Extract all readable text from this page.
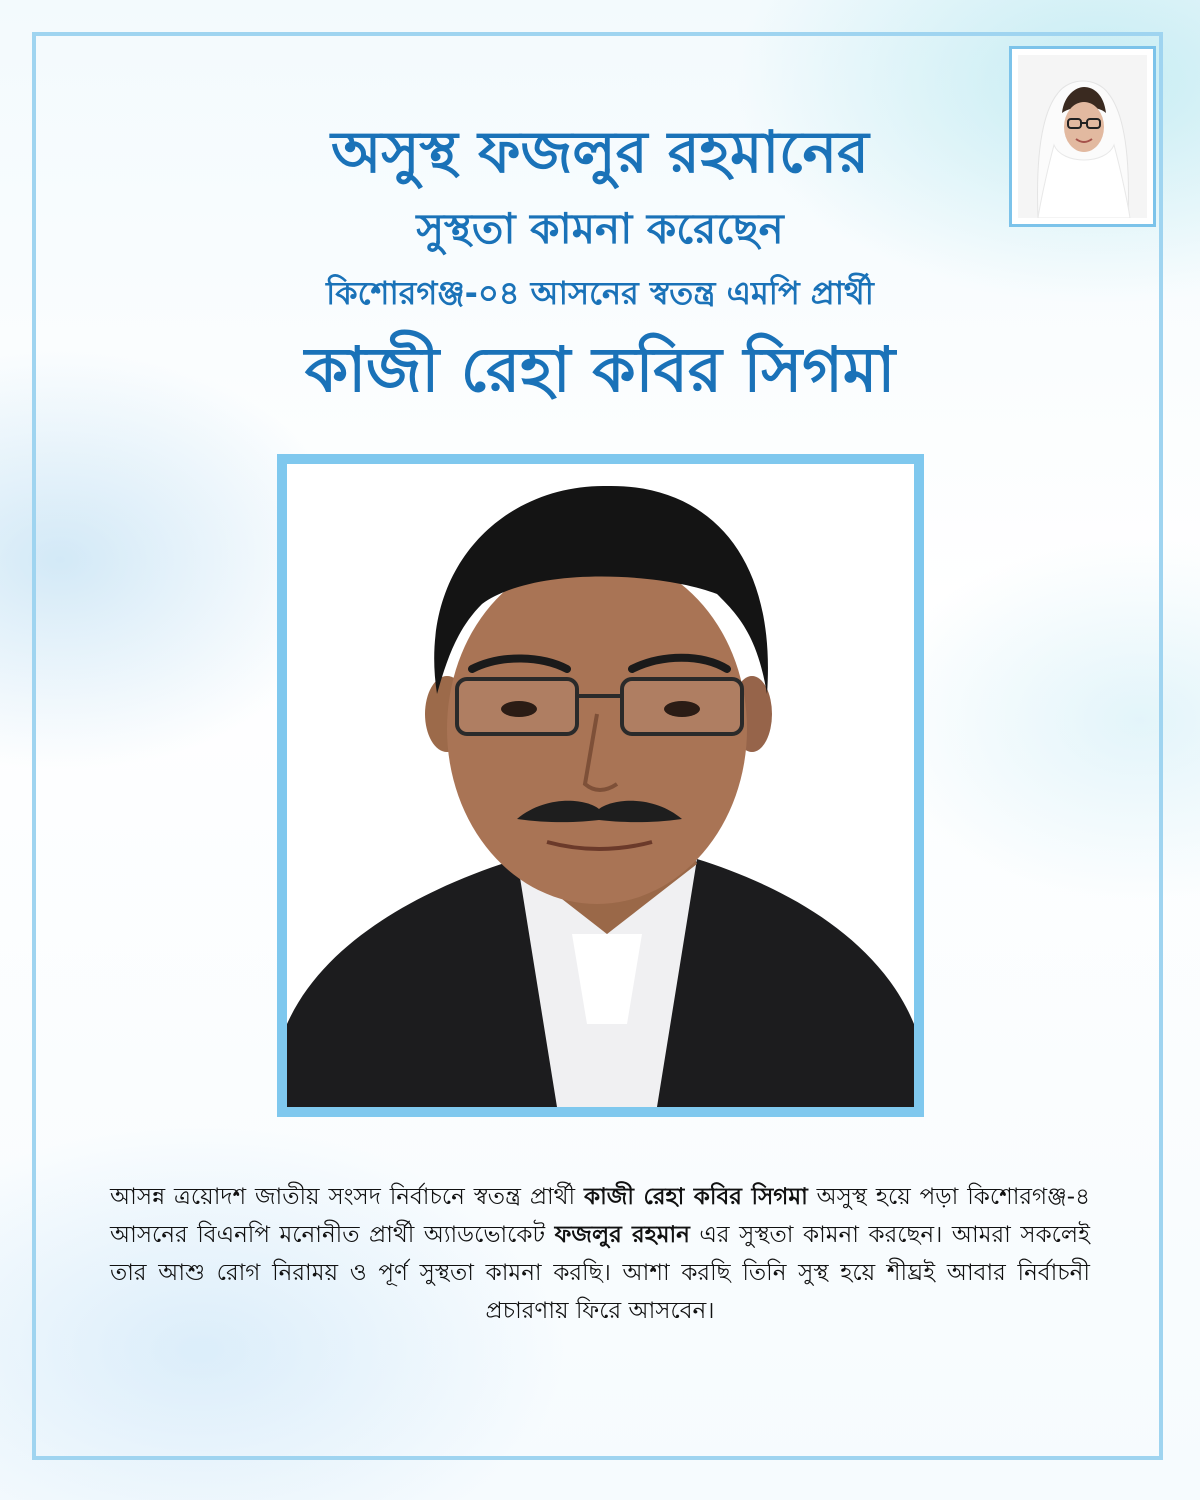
অসুস্থ ফজলুর রহমানের
সুস্থতা কামনা করেছেন
কিশোরগঞ্জ-০৪ আসনের স্বতন্ত্র এমপি প্রার্থী
কাজী রেহা কবির সিগমা
আসন্ন ত্রয়োদশ জাতীয় সংসদ নির্বাচনে স্বতন্ত্র প্রার্থী কাজী রেহা কবির সিগমা অসুস্থ হয়ে পড়া কিশোরগঞ্জ-৪ আসনের বিএনপি মনোনীত প্রার্থী অ্যাডভোকেট ফজলুর রহমান এর সুস্থতা কামনা করছেন। আমরা সকলেই তার আশু রোগ নিরাময় ও পূর্ণ সুস্থতা কামনা করছি। আশা করছি তিনি সুস্থ হয়ে শীঘ্রই আবার নির্বাচনী প্রচারণায় ফিরে আসবেন।
